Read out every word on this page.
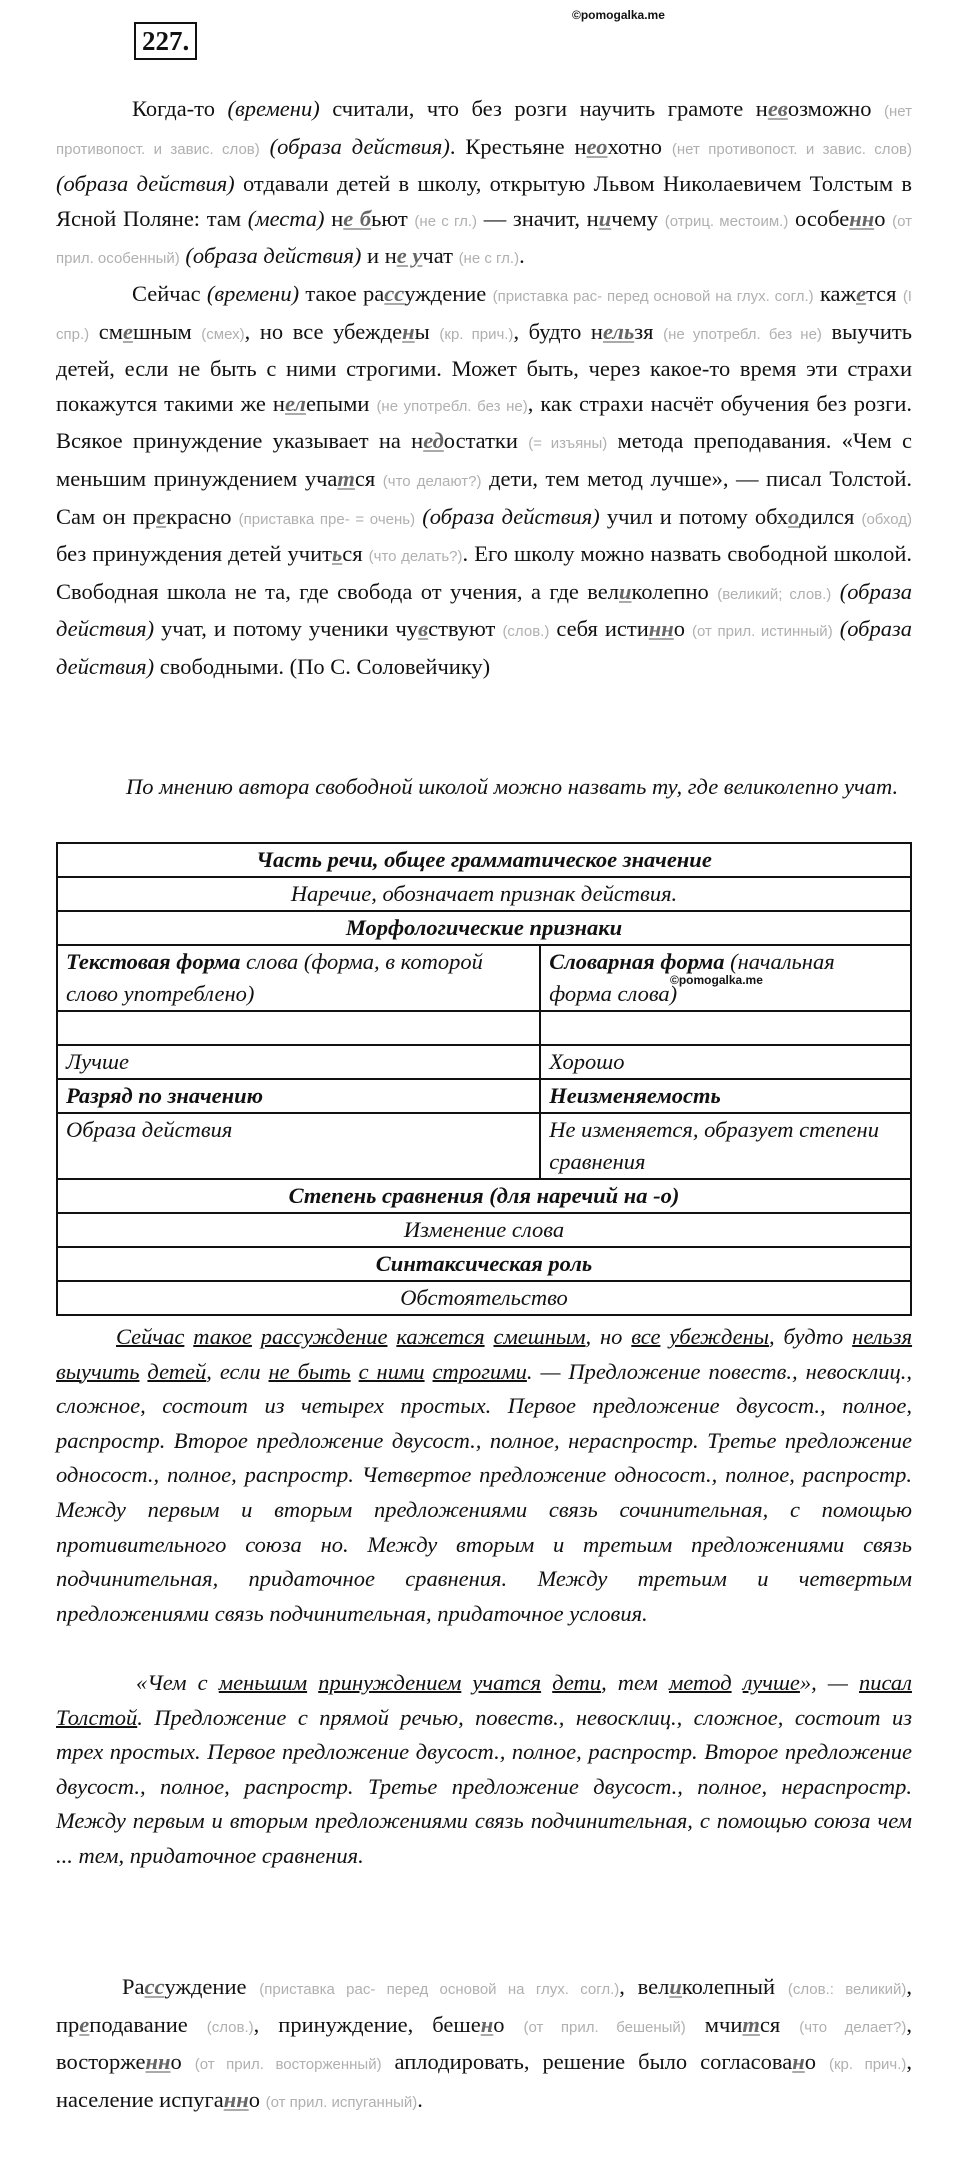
227.
©pomogalka.me

Когда-то (времени) считали, что без розги научить грамоте невозможно (нет противопост. и завис. слов) (образа действия). Крестьяне неохотно (нет противопост. и завис. слов) (образа действия) отдавали детей в школу, открытую Львом Николаевичем Толстым в Ясной Поляне: там (места) не бьют (не с гл.) — значит, ничему (отриц. местоим.) особенно (от прил. особенный) (образа действия) и не учат (не с гл.).

Сейчас (времени) такое рассуждение (приставка рас- перед основой на глух. согл.) кажется (I спр.) смешным (смех), но все убеждены (кр. прич.), будто нельзя (не употребл. без не) выучить детей, если не быть с ними строгими. Может быть, через какое-то время эти страхи покажутся такими же нелепыми (не употребл. без не), как страхи насчёт обучения без розги. Всякое принуждение указывает на недостатки (= изъяны) метода преподавания. «Чем с меньшим принуждением учатся (что делают?) дети, тем метод лучше», — писал Толстой. Сам он прекрасно (приставка пре- = очень) (образа действия) учил и потому обходился (обход) без принуждения детей учиться (что делать?). Его школу можно назвать свободной школой. Свободная школа не та, где свобода от учения, а где великолепно (великий; слов.) (образа действия) учат, и потому ученики чувствуют (слов.) себя истинно (от прил. истинный) (образа действия) свободными. (По С. Соловейчику)

По мнению автора свободной школой можно назвать ту, где великолепно учат.
Часть речи, общее грамматическое значение	
Наречие, обозначает признак действия.	
Морфологические признаки	
Текстовая форма слова (форма, в которой слово употреблено)	Словарная форма (начальная форма слова)

Лучше	Хорошо
Разряд по значению	Неизменяемость
Образа действия	Не изменяется, образует степени сравнения
Степень сравнения (для наречий на -о)	
Изменение слова	
Синтаксическая роль	
Обстоятельство	
©pomogalka.me
Сейчас такое рассуждение кажется смешным, но все убеждены, будто нельзя выучить детей, если не быть с ними строгими. — Предложение повеств., невосклиц., сложное, состоит из четырех простых. Первое предложение двусост., полное, распростр. Второе предложение двусост., полное, нераспростр. Третье предложение односост., полное, распростр. Четвертое предложение односост., полное, распростр. Между первым и вторым предложениями связь сочинительная, с помощью противительного союза но. Между вторым и третьим предложениями связь подчинительная, придаточное сравнения. Между третьим и четвертым предложениями связь подчинительная, придаточное условия.
«Чем с меньшим принуждением учатся дети, тем метод лучше», — писал Толстой. Предложение с прямой речью, повеств., невосклиц., сложное, состоит из трех простых. Первое предложение двусост., полное, распростр. Второе предложение двусост., полное, распростр. Третье предложение двусост., полное, нераспростр. Между первым и вторым предложениями связь подчинительная, с помощью союза чем ... тем, придаточное сравнения.

Рассуждение (приставка рас- перед основой на глух. согл.), великолепный (слов.: великий), преподавание (слов.), принуждение, бешено (от прил. бешеный) мчится (что делает?), восторженно (от прил. восторженный) аплодировать, решение было согласовано (кр. прич.), население испуганно (от прил. испуганный).
